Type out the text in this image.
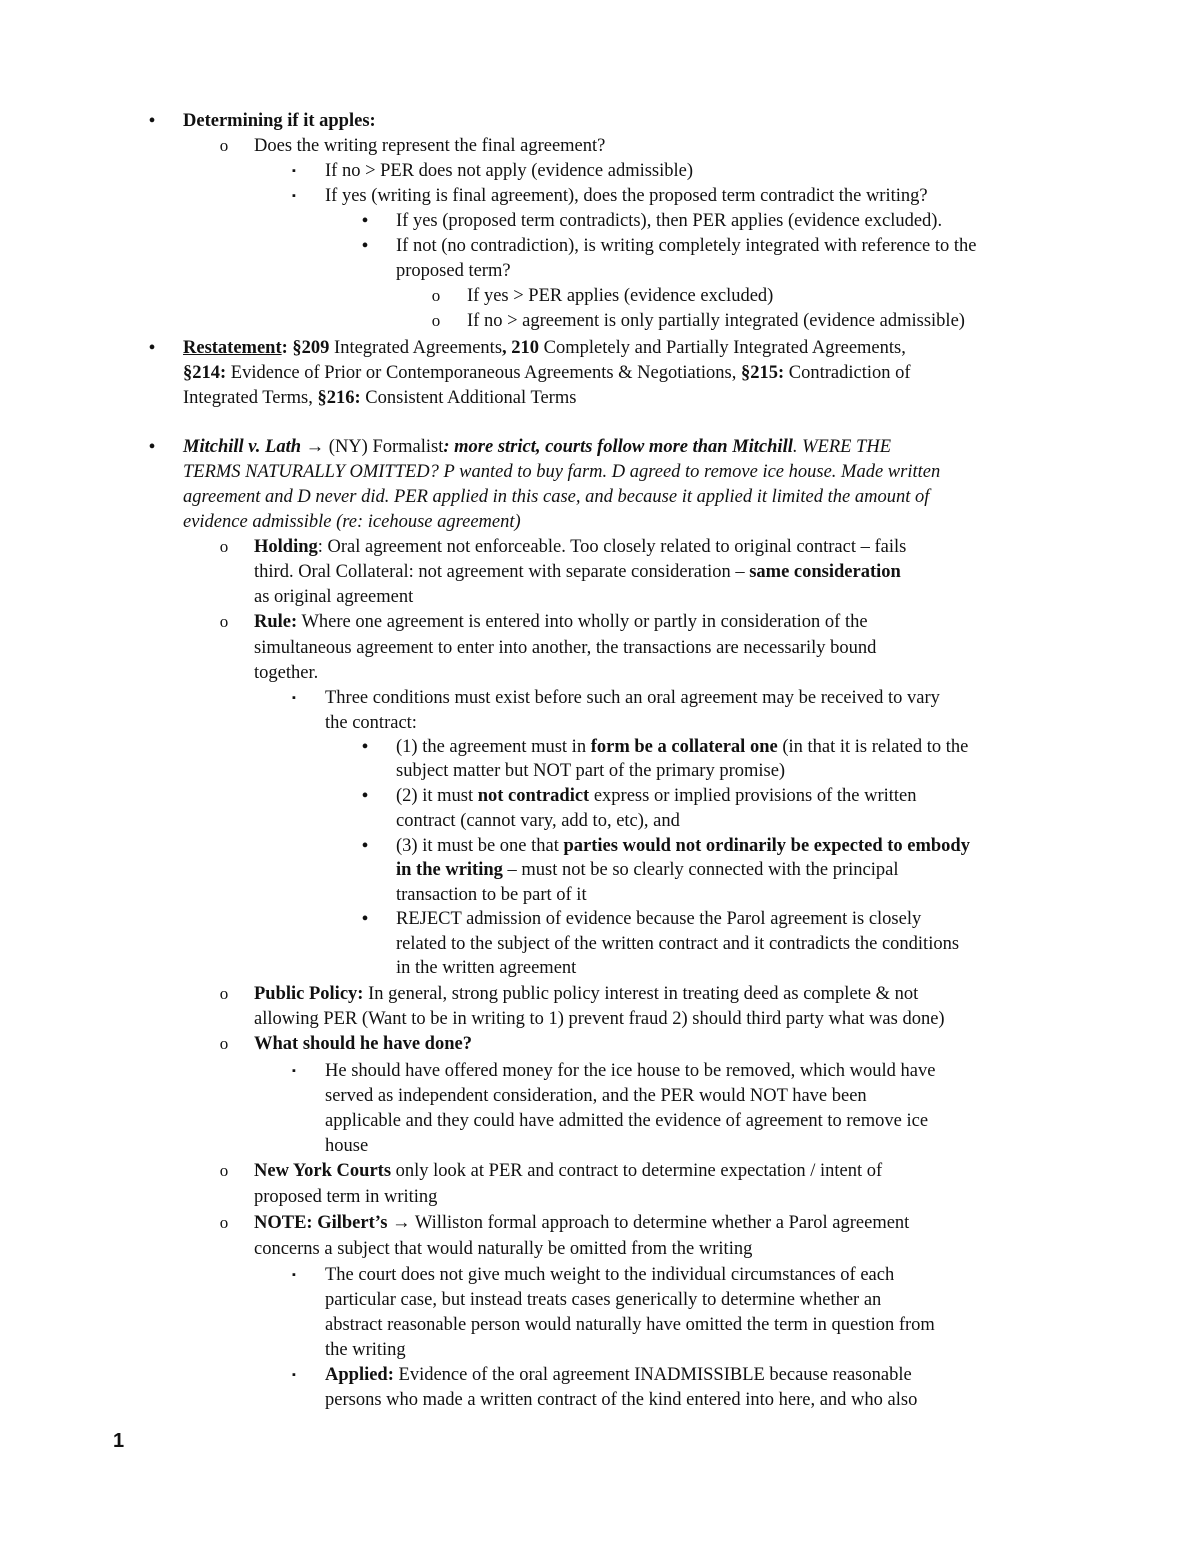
•	Determining if it apples:
o	Does the writing represent the final agreement?
▪	If no > PER does not apply (evidence admissible)
▪	If yes (writing is final agreement), does the proposed term contradict the writing?
•	If yes (proposed term contradicts), then PER applies (evidence excluded).
•	If not (no contradiction), is writing completely integrated with reference to the
proposed term?
o	If yes > PER applies (evidence excluded)
o	If no > agreement is only partially integrated (evidence admissible)
•	Restatement: §209 Integrated Agreements, 210 Completely and Partially Integrated Agreements,
§214: Evidence of Prior or Contemporaneous Agreements & Negotiations, §215: Contradiction of
Integrated Terms, §216: Consistent Additional Terms
•	Mitchill v. Lath → (NY) Formalist: more strict, courts follow more than Mitchill. WERE THE
TERMS NATURALLY OMITTED? P wanted to buy farm. D agreed to remove ice house. Made written
agreement and D never did. PER applied in this case, and because it applied it limited the amount of
evidence admissible (re: icehouse agreement)
o	Holding: Oral agreement not enforceable. Too closely related to original contract – fails
third. Oral Collateral: not agreement with separate consideration – same consideration
as original agreement
o	Rule: Where one agreement is entered into wholly or partly in consideration of the
simultaneous agreement to enter into another, the transactions are necessarily bound
together.
▪	Three conditions must exist before such an oral agreement may be received to vary
the contract:
•	(1) the agreement must in form be a collateral one (in that it is related to the
subject matter but NOT part of the primary promise)
•	(2) it must not contradict express or implied provisions of the written
contract (cannot vary, add to, etc), and
•	(3) it must be one that parties would not ordinarily be expected to embody
in the writing – must not be so clearly connected with the principal
transaction to be part of it
•	REJECT admission of evidence because the Parol agreement is closely
related to the subject of the written contract and it contradicts the conditions
in the written agreement
o	Public Policy: In general, strong public policy interest in treating deed as complete & not
allowing PER (Want to be in writing to 1) prevent fraud 2) should third party what was done)
o	What should he have done?
▪	He should have offered money for the ice house to be removed, which would have
served as independent consideration, and the PER would NOT have been
applicable and they could have admitted the evidence of agreement to remove ice
house
o	New York Courts only look at PER and contract to determine expectation / intent of
proposed term in writing
o	NOTE: Gilbert’s → Williston formal approach to determine whether a Parol agreement
concerns a subject that would naturally be omitted from the writing
▪	The court does not give much weight to the individual circumstances of each
particular case, but instead treats cases generically to determine whether an
abstract reasonable person would naturally have omitted the term in question from
the writing
▪	Applied: Evidence of the oral agreement INADMISSIBLE because reasonable
persons who made a written contract of the kind entered into here, and who also
1
